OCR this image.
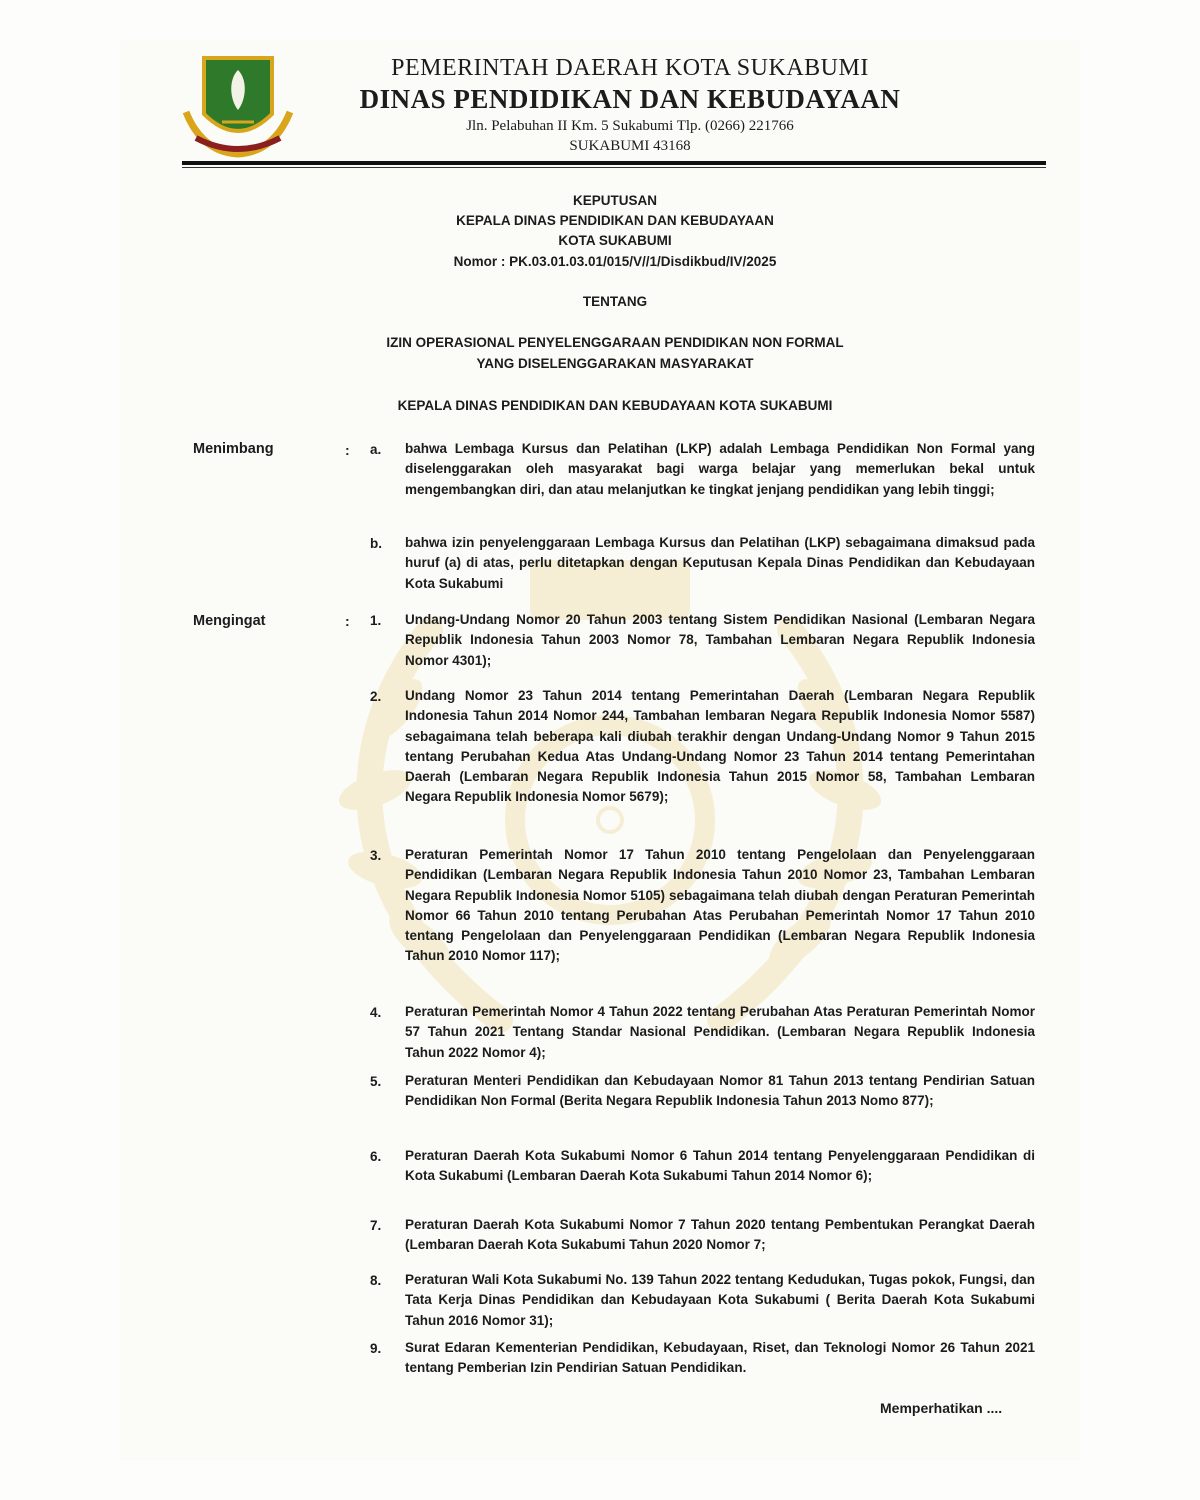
PEMERINTAH DAERAH KOTA SUKABUMI
DINAS PENDIDIKAN DAN KEBUDAYAAN
Jln. Pelabuhan II Km. 5 Sukabumi Tlp. (0266) 221766
SUKABUMI 43168
KEPUTUSAN
KEPALA DINAS PENDIDIKAN DAN KEBUDAYAAN
KOTA SUKABUMI
Nomor : PK.03.01.03.01/015/V//1/Disdikbud/IV/2025
TENTANG
IZIN OPERASIONAL PENYELENGGARAAN PENDIDIKAN NON FORMAL
YANG DISELENGGARAKAN MASYARAKAT
KEPALA DINAS PENDIDIKAN DAN KEBUDAYAAN KOTA SUKABUMI
Menimbang	: a.	bahwa Lembaga Kursus dan Pelatihan (LKP) adalah Lembaga Pendidikan Non Formal yang diselenggarakan oleh masyarakat bagi warga belajar yang memerlukan bekal untuk mengembangkan diri, dan atau melanjutkan ke tingkat jenjang pendidikan yang lebih tinggi;
b.	bahwa izin penyelenggaraan Lembaga Kursus dan Pelatihan (LKP) sebagaimana dimaksud pada huruf (a) di atas, perlu ditetapkan dengan Keputusan Kepala Dinas Pendidikan dan Kebudayaan Kota Sukabumi
Mengingat	: 1.	Undang-Undang Nomor 20 Tahun 2003 tentang Sistem Pendidikan Nasional (Lembaran Negara Republik Indonesia Tahun 2003 Nomor 78, Tambahan Lembaran Negara Republik Indonesia Nomor 4301);
2.	Undang Nomor 23 Tahun 2014 tentang Pemerintahan Daerah (Lembaran Negara Republik Indonesia Tahun 2014 Nomor 244, Tambahan lembaran Negara Republik Indonesia Nomor 5587) sebagaimana telah beberapa kali diubah terakhir dengan Undang-Undang Nomor 9 Tahun 2015 tentang Perubahan Kedua Atas Undang-Undang Nomor 23 Tahun 2014 tentang Pemerintahan Daerah (Lembaran Negara Republik Indonesia Tahun 2015 Nomor 58, Tambahan Lembaran Negara Republik Indonesia Nomor 5679);
3.	Peraturan Pemerintah Nomor 17 Tahun 2010 tentang Pengelolaan dan Penyelenggaraan Pendidikan (Lembaran Negara Republik Indonesia Tahun 2010 Nomor 23, Tambahan Lembaran Negara Republik Indonesia Nomor 5105) sebagaimana telah diubah dengan Peraturan Pemerintah Nomor 66 Tahun 2010 tentang Perubahan Atas Perubahan Pemerintah Nomor 17 Tahun 2010 tentang Pengelolaan dan Penyelenggaraan Pendidikan (Lembaran Negara Republik Indonesia Tahun 2010 Nomor 117);
4.	Peraturan Pemerintah Nomor 4 Tahun 2022 tentang Perubahan Atas Peraturan Pemerintah Nomor 57 Tahun 2021 Tentang Standar Nasional Pendidikan. (Lembaran Negara Republik Indonesia Tahun 2022 Nomor 4);
5.	Peraturan Menteri Pendidikan dan Kebudayaan Nomor 81 Tahun 2013 tentang Pendirian Satuan Pendidikan Non Formal (Berita Negara Republik Indonesia Tahun 2013 Nomo 877);
6.	Peraturan Daerah Kota Sukabumi Nomor 6 Tahun 2014 tentang Penyelenggaraan Pendidikan di Kota Sukabumi (Lembaran Daerah Kota Sukabumi Tahun 2014 Nomor 6);
7.	Peraturan Daerah Kota Sukabumi Nomor 7 Tahun 2020 tentang Pembentukan Perangkat Daerah (Lembaran Daerah Kota Sukabumi Tahun 2020 Nomor 7;
8.	Peraturan Wali Kota Sukabumi No. 139 Tahun 2022 tentang Kedudukan, Tugas pokok, Fungsi, dan Tata Kerja Dinas Pendidikan dan Kebudayaan Kota Sukabumi ( Berita Daerah Kota Sukabumi Tahun 2016 Nomor 31);
9.	Surat Edaran Kementerian Pendidikan, Kebudayaan, Riset, dan Teknologi Nomor 26 Tahun 2021 tentang Pemberian Izin Pendirian Satuan Pendidikan.
Memperhatikan ....
